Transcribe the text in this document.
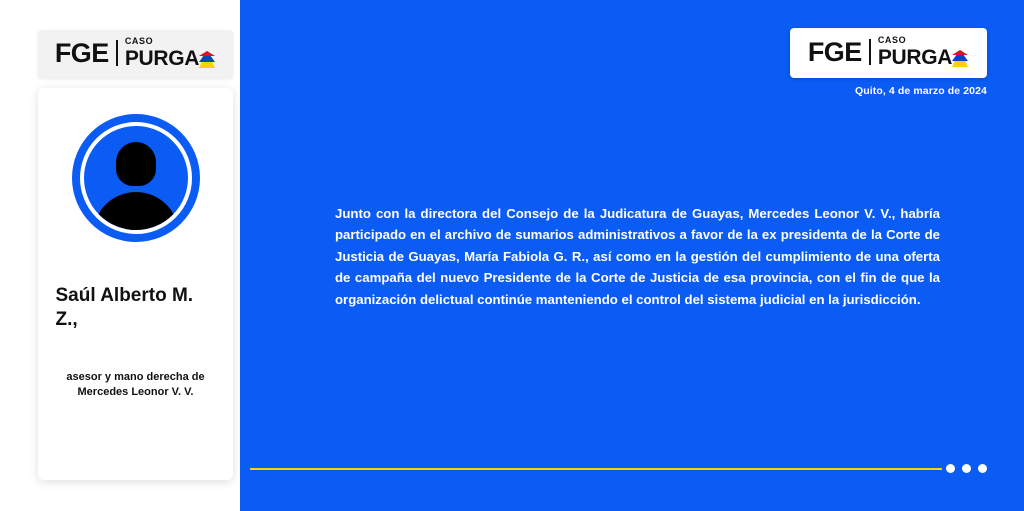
FGE CASO
PURGA	FGE CASO
PURGA
Quito, 4 de marzo de 2024
Saúl Alberto M. Z.,
asesor y mano derecha de Mercedes Leonor V. V.
Junto con la directora del Consejo de la Judicatura de Guayas, Mercedes Leonor V. V., habría participado en el archivo de sumarios administrativos a favor de la ex presidenta de la Corte de Justicia de Guayas, María Fabiola G. R., así como en la gestión del cumplimiento de una oferta de campaña del nuevo Presidente de la Corte de Justicia de esa provincia, con el fin de que la organización delictual continúe manteniendo el control del sistema judicial en la jurisdicción.
